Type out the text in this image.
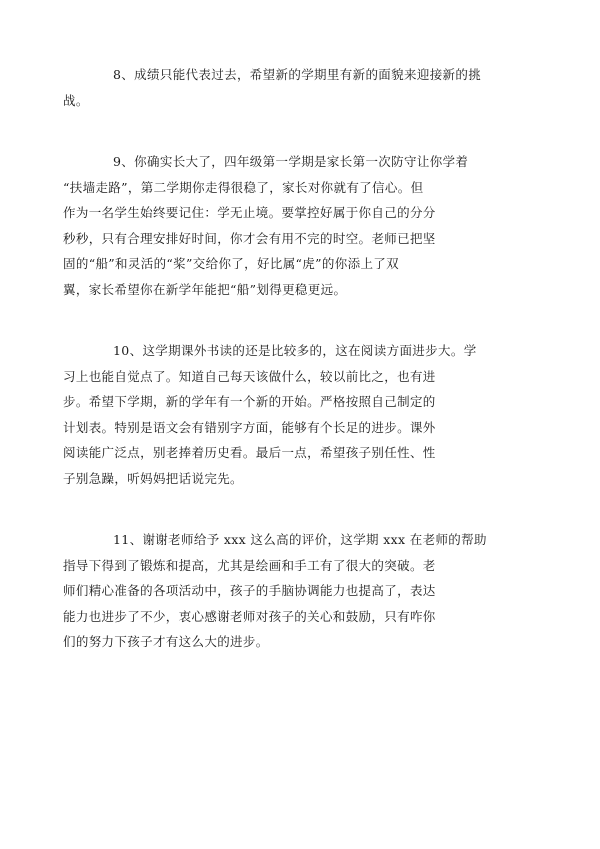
8、成绩只能代表过去，希望新的学期里有新的面貌来迎接新的挑
战。

9、你确实长大了，四年级第一学期是家长第一次防守让你学着
“扶墙走路”，第二学期你走得很稳了，家长对你就有了信心。但
作为一名学生始终要记住：学无止境。要掌控好属于你自己的分分
秒秒，只有合理安排好时间，你才会有用不完的时空。老师已把坚
固的“船”和灵活的“桨”交给你了，好比属“虎”的你添上了双
翼，家长希望你在新学年能把“船”划得更稳更远。

10、这学期课外书读的还是比较多的，这在阅读方面进步大。学
习上也能自觉点了。知道自己每天该做什么，较以前比之，也有进
步。希望下学期，新的学年有一个新的开始。严格按照自己制定的
计划表。特别是语文会有错别字方面，能够有个长足的进步。课外
阅读能广泛点，别老捧着历史看。最后一点，希望孩子别任性、性
子别急躁，听妈妈把话说完先。

11、谢谢老师给予 xxx 这么高的评价，这学期 xxx 在老师的帮助
指导下得到了锻炼和提高，尤其是绘画和手工有了很大的突破。老
师们精心准备的各项活动中，孩子的手脑协调能力也提高了，表达
能力也进步了不少，衷心感谢老师对孩子的关心和鼓励，只有咋你
们的努力下孩子才有这么大的进步。
